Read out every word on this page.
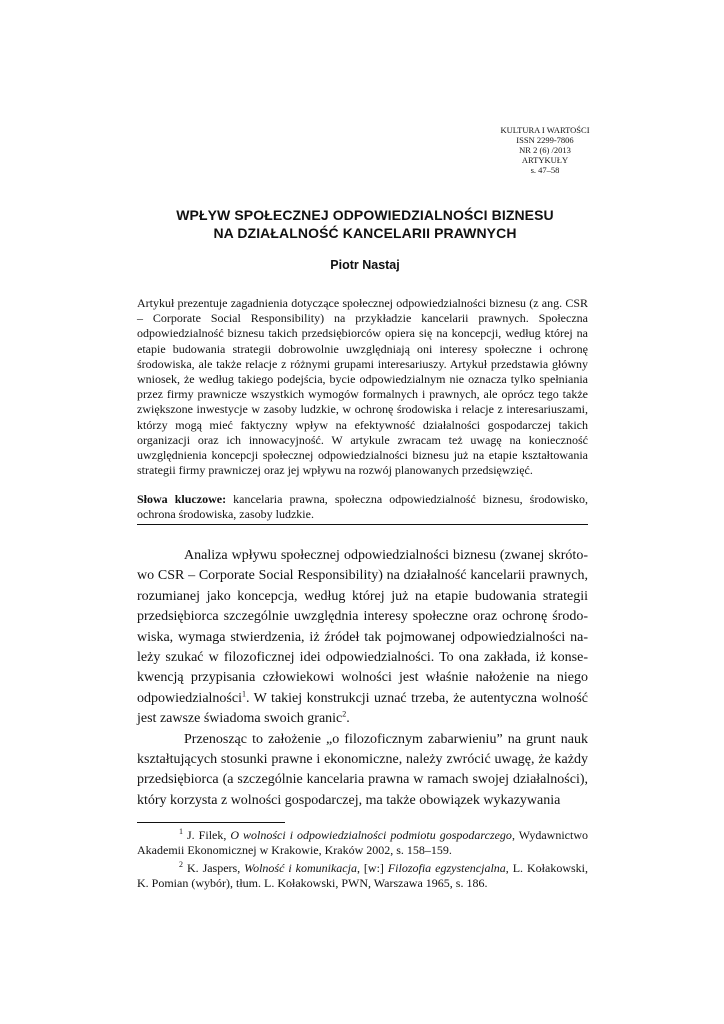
KULTURA I WARTOŚCI
ISSN 2299-7806
NR 2 (6) /2013
ARTYKUŁY
s. 47–58
WPŁYW SPOŁECZNEJ ODPOWIEDZIALNOŚCI BIZNESU
NA DZIAŁALNOŚĆ KANCELARII PRAWNYCH
Piotr Nastaj
Artykuł prezentuje zagadnienia dotyczące społecznej odpowiedzialności biznesu (z ang. CSR – Corporate Social Responsibility) na przykładzie kancelarii prawnych. Społeczna odpowiedzialność biznesu takich przedsiębiorców opiera się na koncepcji, według której na etapie budowania strategii dobrowolnie uwzględniają oni interesy społeczne i ochronę środowiska, ale także relacje z różnymi grupami interesariuszy. Artykuł przedstawia główny wniosek, że według takiego podejścia, bycie odpowiedzialnym nie oznacza tylko spełniania przez firmy prawnicze wszystkich wymogów formalnych i prawnych, ale oprócz tego także zwiększone inwestycje w zasoby ludzkie, w ochronę środowiska i relacje z interesariuszami, którzy mogą mieć faktyczny wpływ na efektywność działalności gospodarczej takich organizacji oraz ich innowacyjność. W artykule zwracam też uwagę na konieczność uwzględnienia koncepcji społecznej odpowiedzialności biznesu już na etapie kształtowania strategii firmy prawniczej oraz jej wpływu na rozwój planowanych przedsięwzięć.
Słowa kluczowe: kancelaria prawna, społeczna odpowiedzialność biznesu, środowisko, ochrona środowiska, zasoby ludzkie.

Analiza wpływu społecznej odpowiedzialności biznesu (zwanej skrótowo CSR – Corporate Social Responsibility) na działalność kancelarii prawnych, rozumianej jako koncepcja, według której już na etapie budowania strategii przedsiębiorca szczególnie uwzględnia interesy społeczne oraz ochronę środowiska, wymaga stwierdzenia, iż źródeł tak pojmowanej odpowiedzialności należy szukać w filozoficznej idei odpowiedzialności. To ona zakłada, iż konsekwencją przypisania człowiekowi wolności jest właśnie nałożenie na niego odpowiedzialności$^1$. W takiej konstrukcji uznać trzeba, że autentyczna wolność jest zawsze świadoma swoich granic$^2$.

Przenosząc to założenie „o filozoficznym zabarwieniu” na grunt nauk kształtujących stosunki prawne i ekonomiczne, należy zwrócić uwagę, że każdy przedsiębiorca (a szczególnie kancelaria prawna w ramach swojej działalności), który korzysta z wolności gospodarczej, ma także obowiązek wykazywania

$^1$ J. Filek, O wolności i odpowiedzialności podmiotu gospodarczego, Wydawnictwo Akademii Ekonomicznej w Krakowie, Kraków 2002, s. 158–159.

$^2$ K. Jaspers, Wolność i komunikacja, [w:] Filozofia egzystencjalna, L. Kołakowski, K. Pomian (wybór), tłum. L. Kołakowski, PWN, Warszawa 1965, s. 186.
